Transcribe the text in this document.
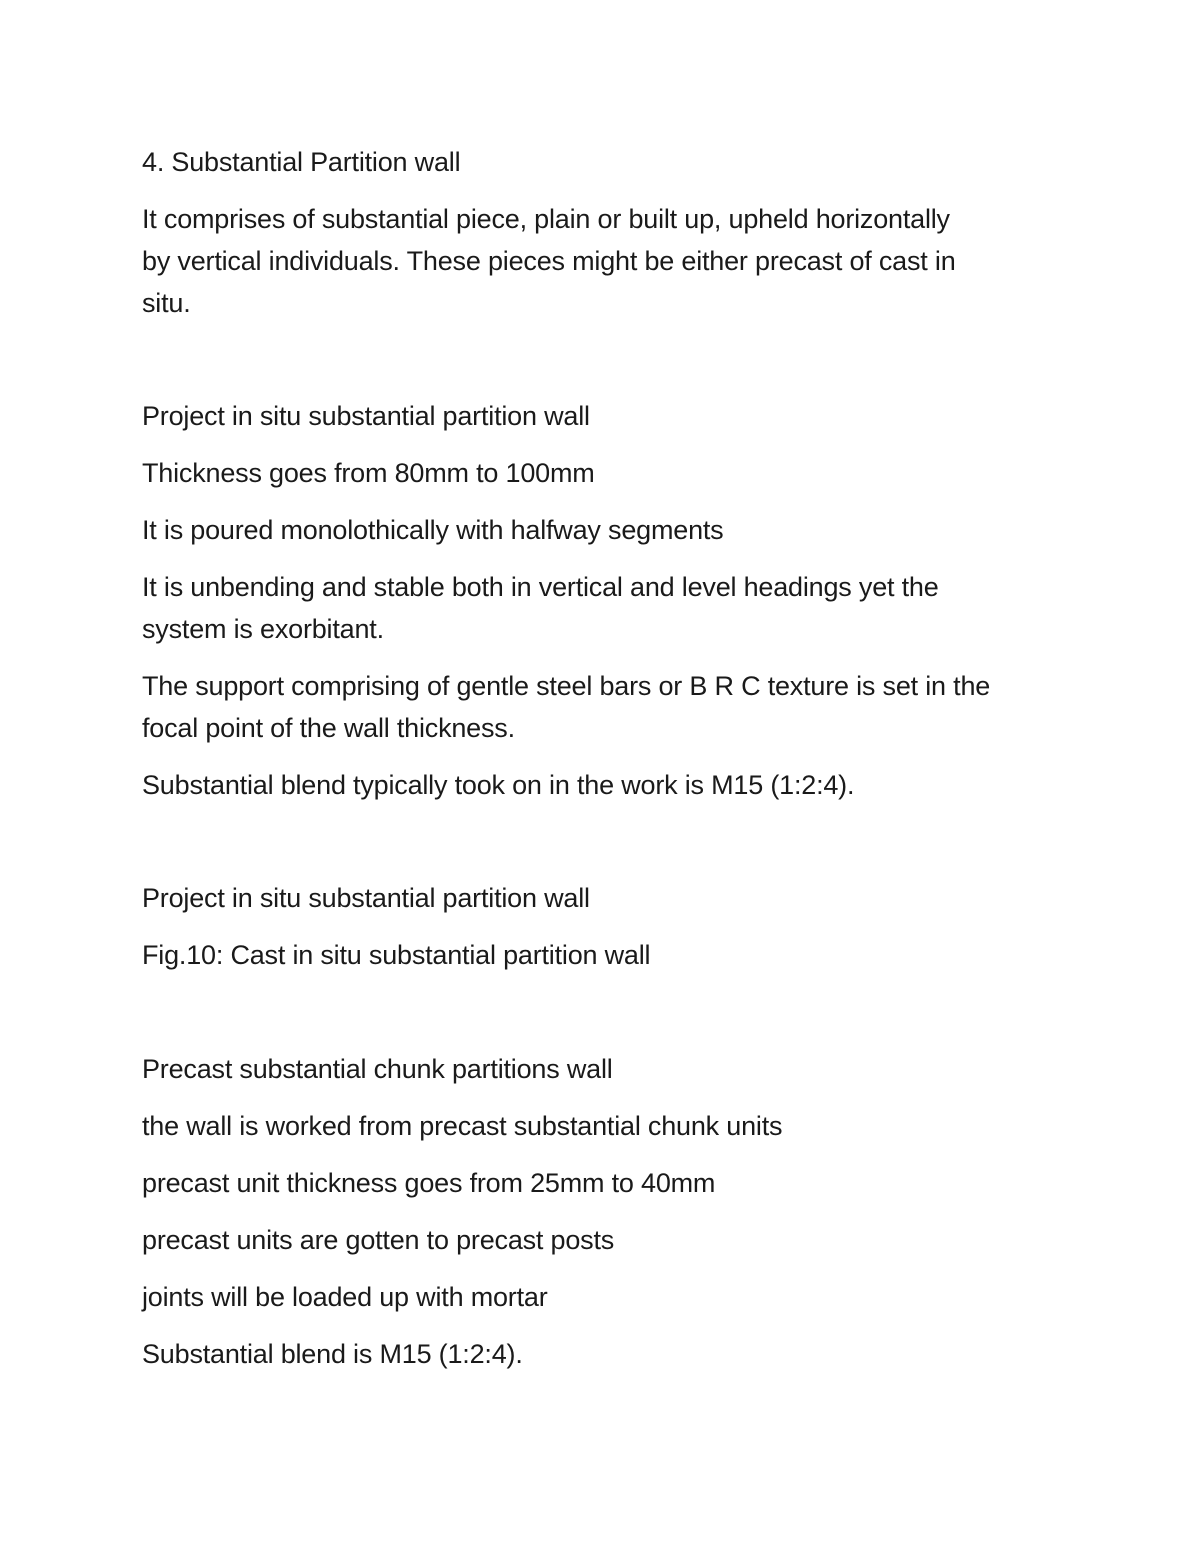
4. Substantial Partition wall

It comprises of substantial piece, plain or built up, upheld horizontally

by vertical individuals. These pieces might be either precast of cast in

situ.

Project in situ substantial partition wall

Thickness goes from 80mm to 100mm

It is poured monolothically with halfway segments

It is unbending and stable both in vertical and level headings yet the

system is exorbitant.

The support comprising of gentle steel bars or B R C texture is set in the

focal point of the wall thickness.

Substantial blend typically took on in the work is M15 (1:2:4).

Project in situ substantial partition wall

Fig.10: Cast in situ substantial partition wall

Precast substantial chunk partitions wall

the wall is worked from precast substantial chunk units

precast unit thickness goes from 25mm to 40mm

precast units are gotten to precast posts

joints will be loaded up with mortar

Substantial blend is M15 (1:2:4).
